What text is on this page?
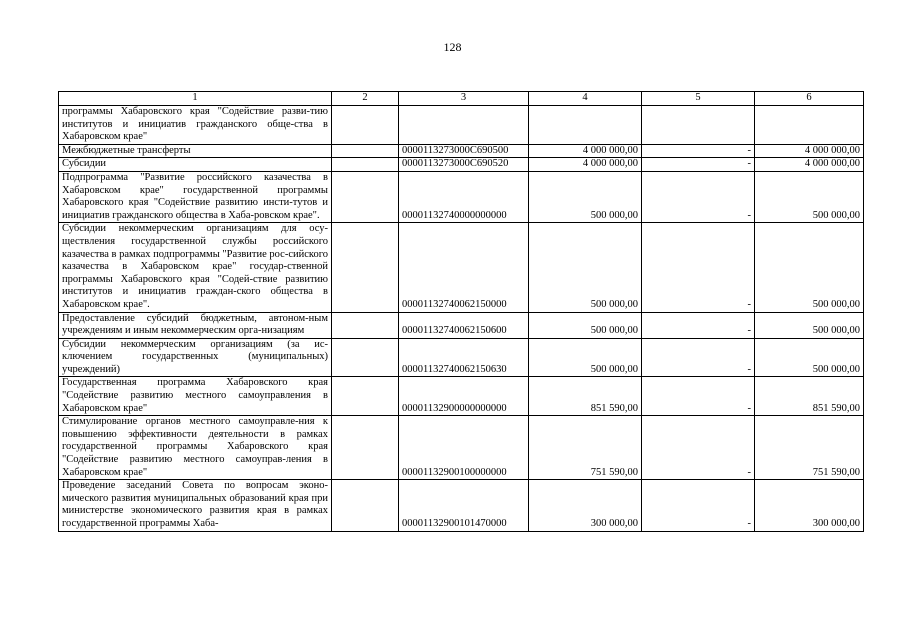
128
1	2	3	4	5	6
программы Хабаровского края "Содействие разви-тию институтов и инициатив гражданского обще-ства в Хабаровском крае"					
Межбюджетные трансферты		0000113273000С690500	4 000 000,00	-	4 000 000,00
Субсидии		0000113273000С690520	4 000 000,00	-	4 000 000,00
Подпрограмма "Развитие российского казачества в Хабаровском крае" государственной программы Хабаровского края "Содействие развитию инсти-тутов и инициатив гражданского общества в Хаба-ровском крае".		00001132740000000000	500 000,00	-	500 000,00
Субсидии некоммерческим организациям для осу-ществления государственной службы российского казачества в рамках подпрограммы "Развитие рос-сийского казачества в Хабаровском крае" государ-ственной программы Хабаровского края "Содей-ствие развитию институтов и инициатив граждан-ского общества в Хабаровском крае".		00001132740062150000	500 000,00	-	500 000,00
Предоставление субсидий бюджетным, автоном-ным учреждениям и иным некоммерческим орга-низациям		00001132740062150600	500 000,00	-	500 000,00
Субсидии некоммерческим организациям (за ис-ключением государственных (муниципальных) учреждений)		00001132740062150630	500 000,00	-	500 000,00
Государственная программа Хабаровского края "Содействие развитию местного самоуправления в Хабаровском крае"		00001132900000000000	851 590,00	-	851 590,00
Стимулирование органов местного самоуправле-ния к повышению эффективности деятельности в рамках государственной программы Хабаровского края "Содействие развитию местного самоуправ-ления в Хабаровском крае"		00001132900100000000	751 590,00	-	751 590,00
Проведение заседаний Совета по вопросам эконо-мического развития муниципальных образований края при министерстве экономического развития края в рамках государственной программы Хаба-		00001132900101470000	300 000,00	-	300 000,00
